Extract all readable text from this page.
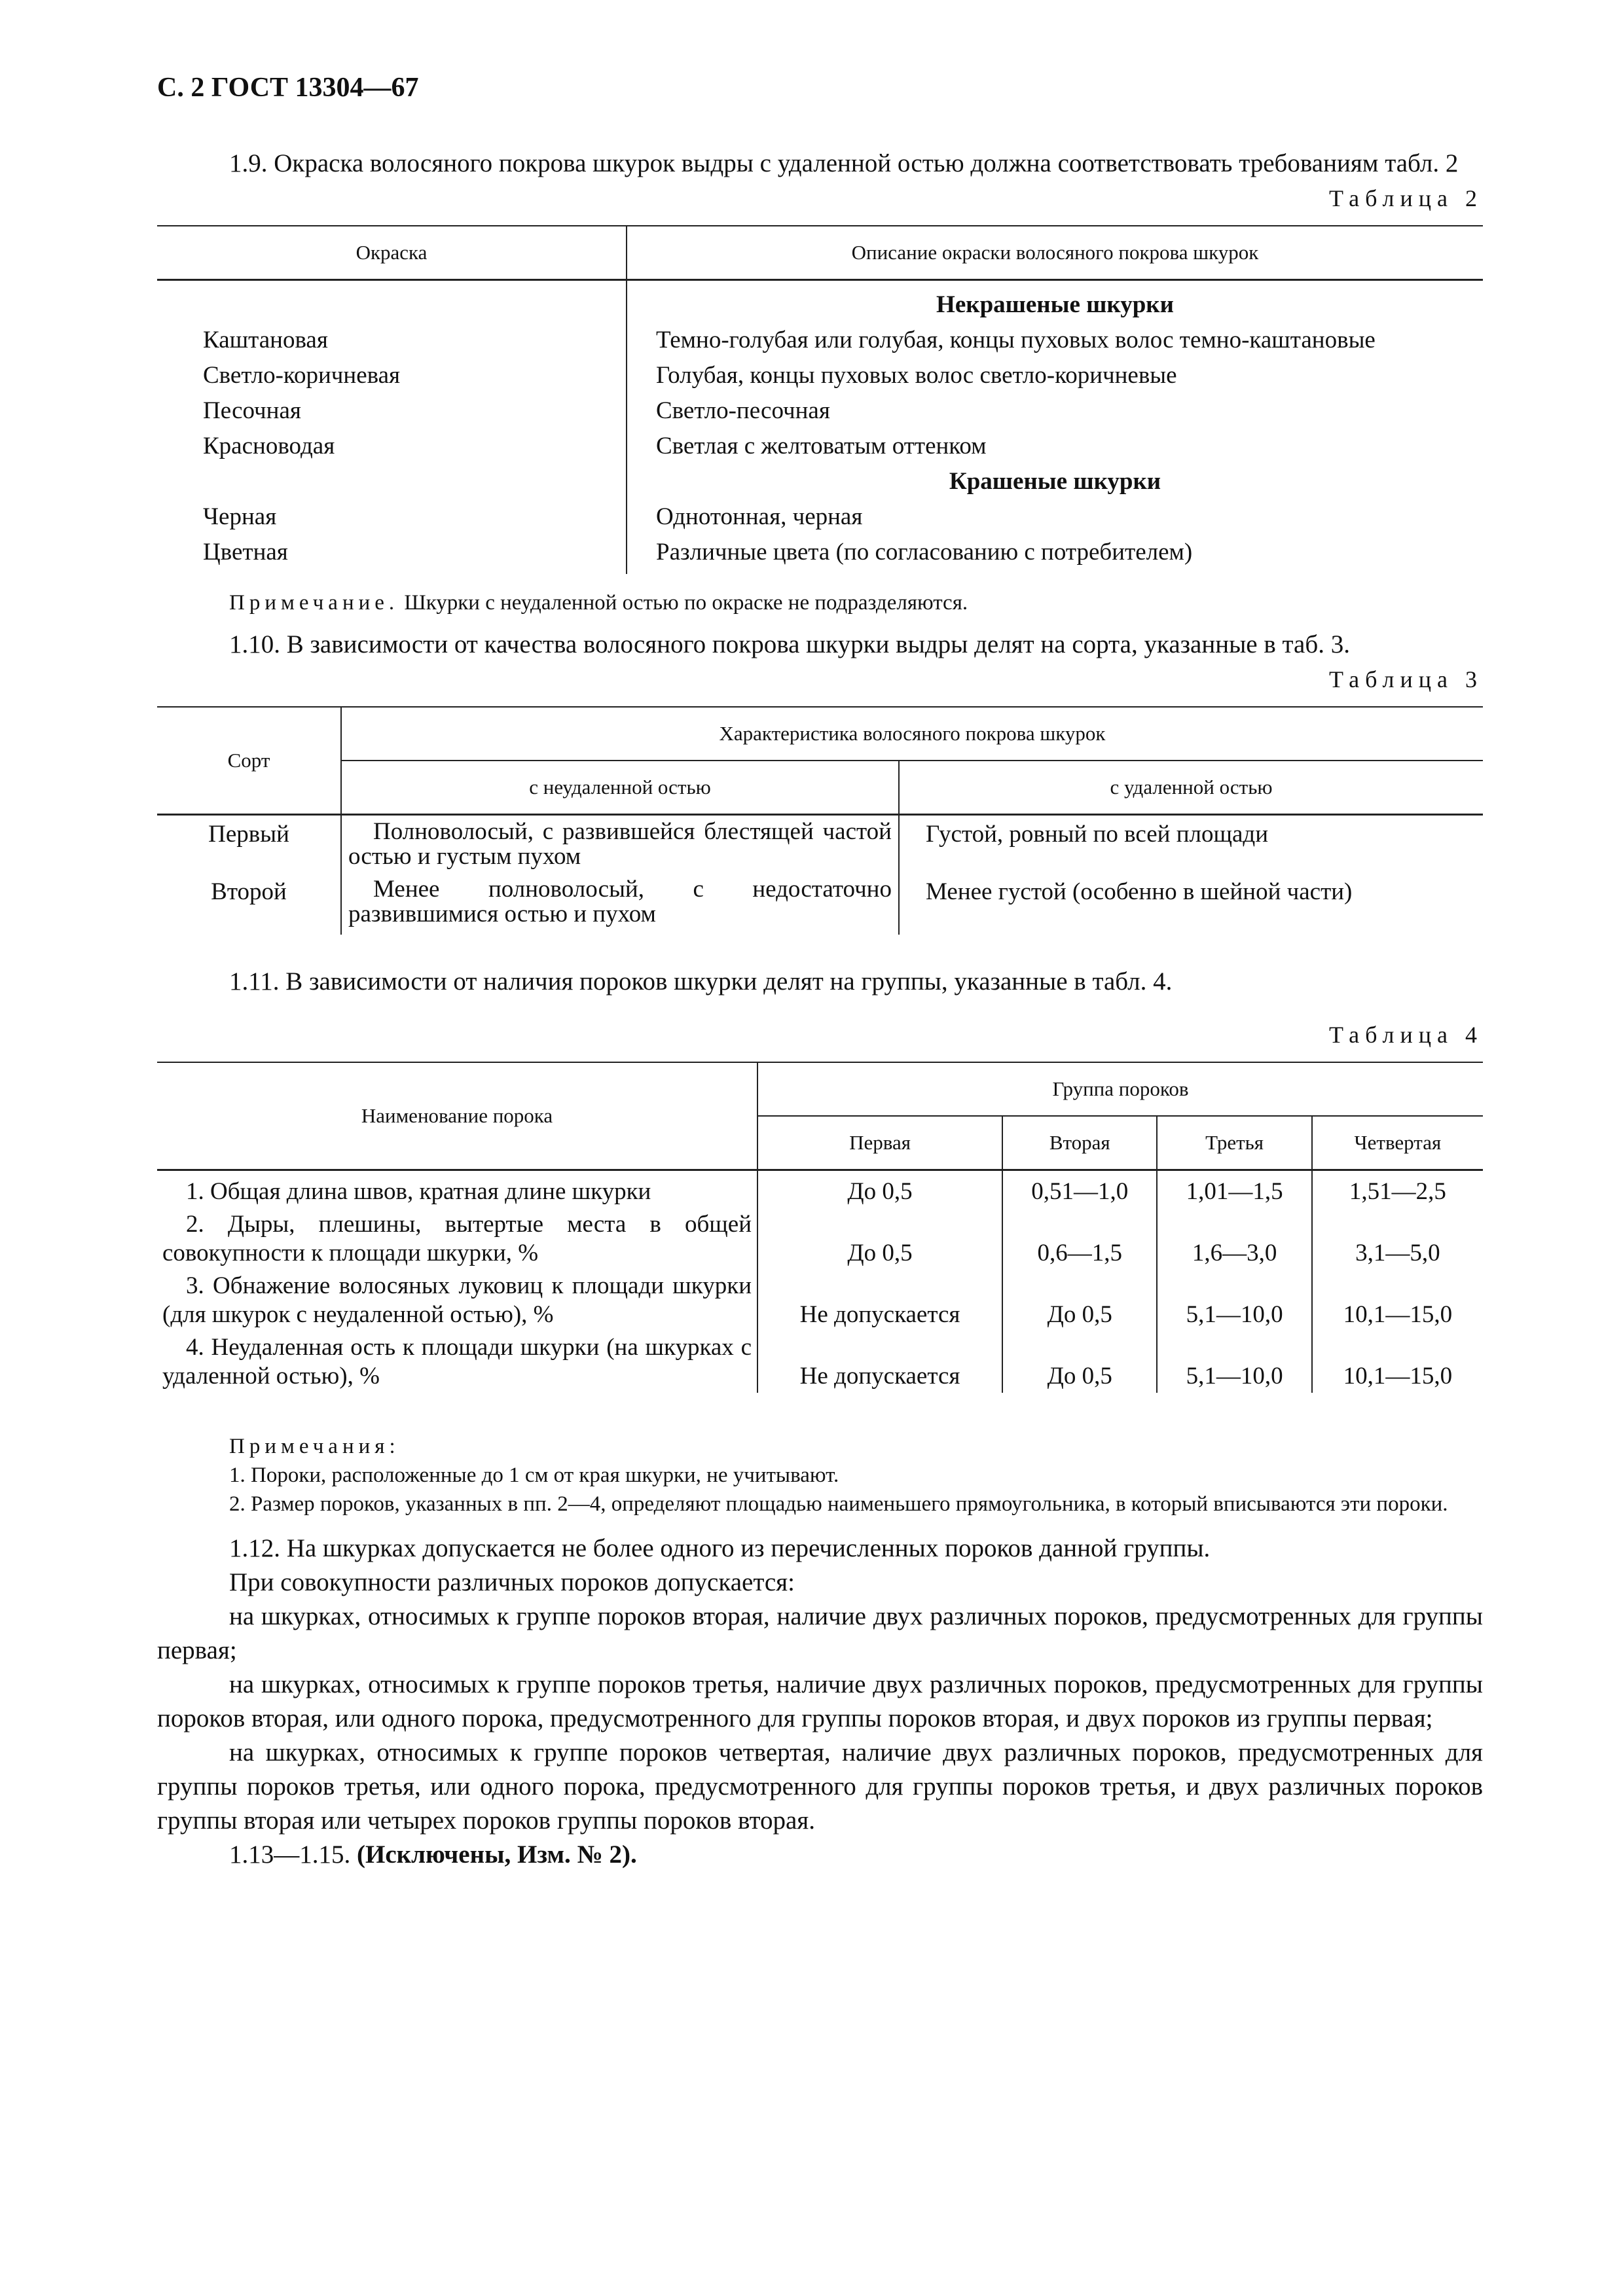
С. 2 ГОСТ 13304—67

1.9. Окраска волосяного покрова шкурок выдры с удаленной остью должна соответствовать требованиям табл. 2

Таблица 2
Окраска	Описание окраски волосяного покрова шкурок
	Некрашеные шкурки
Каштановая	Темно-голубая или голубая, концы пуховых волос темно-каштановые
Светло-коричневая	Голубая, концы пуховых волос светло-коричневые
Песочная	Светло-песочная
Красноводая	Светлая с желтоватым оттенком
	Крашеные шкурки
Черная	Однотонная, черная
Цветная	Различные цвета (по согласованию с потребителем)

Примечание. Шкурки с неудаленной остью по окраске не подразделяются.

1.10. В зависимости от качества волосяного покрова шкурки выдры делят на сорта, указанные в таб. 3.

Таблица 3
Сорт	Характеристика волосяного покрова шкурок	
	с неудаленной остью	с удаленной остью
Первый	Полноволосый, с развившейся блестящей частой остью и густым пухом	Густой, ровный по всей площади
Второй	Менее полноволосый, с недостаточно развившимися остью и пухом	Менее густой (особенно в шейной части)

1.11. В зависимости от наличия пороков шкурки делят на группы, указанные в табл. 4.

Таблица 4
Наименование порока	Группа пороков			
	Первая	Вторая	Третья	Четвертая
1. Общая длина швов, кратная длине шкурки	До 0,5	0,51—1,0	1,01—1,5	1,51—2,5
2. Дыры, плешины, вытертые места в общей совокупности к площади шкурки, %	До 0,5	0,6—1,5	1,6—3,0	3,1—5,0
3. Обнажение волосяных луковиц к площади шкурки (для шкурок с неудаленной остью), %	Не допускается	До 0,5	5,1—10,0	10,1—15,0
4. Неудаленная ость к площади шкурки (на шкурках с удаленной остью), %	Не допускается	До 0,5	5,1—10,0	10,1—15,0

Примечания:

1. Пороки, расположенные до 1 см от края шкурки, не учитывают.

2. Размер пороков, указанных в пп. 2—4, определяют площадью наименьшего прямоугольника, в который вписываются эти пороки.

1.12. На шкурках допускается не более одного из перечисленных пороков данной группы.

При совокупности различных пороков допускается:

на шкурках, относимых к группе пороков вторая, наличие двух различных пороков, предусмотренных для группы первая;

на шкурках, относимых к группе пороков третья, наличие двух различных пороков, предусмотренных для группы пороков вторая, или одного порока, предусмотренного для группы пороков вторая, и двух пороков из группы первая;

на шкурках, относимых к группе пороков четвертая, наличие двух различных пороков, предусмотренных для группы пороков третья, или одного порока, предусмотренного для группы пороков третья, и двух различных пороков группы вторая или четырех пороков группы пороков вторая.

1.13—1.15. (Исключены, Изм. № 2).
